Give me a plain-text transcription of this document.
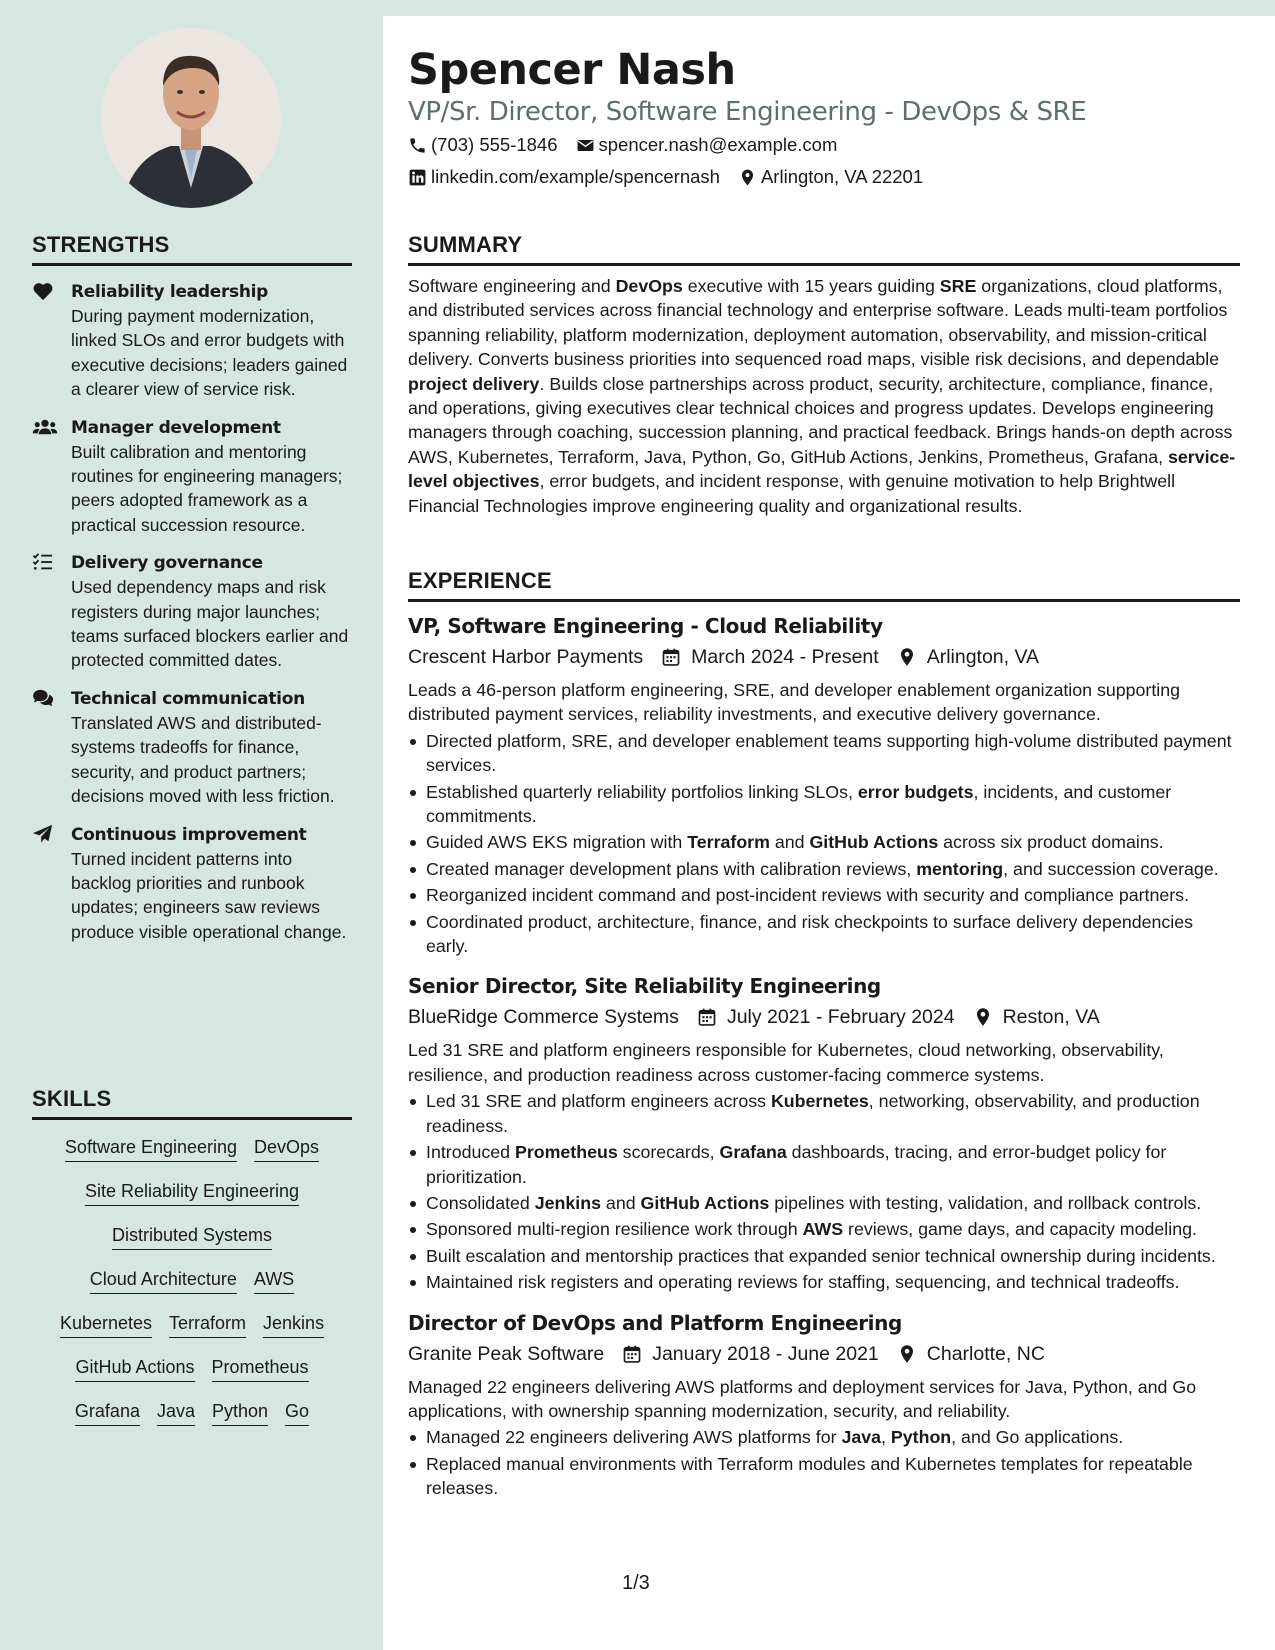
STRENGTHS
Reliability leadership
During payment modernization, linked SLOs and error budgets with executive decisions; leaders gained a clearer view of service risk.
Manager development
Built calibration and mentoring routines for engineering managers; peers adopted framework as a practical succession resource.
Delivery governance
Used dependency maps and risk registers during major launches; teams surfaced blockers earlier and protected committed dates.
Technical communication
Translated AWS and distributed-systems tradeoffs for finance, security, and product partners; decisions moved with less friction.
Continuous improvement
Turned incident patterns into backlog priorities and runbook updates; engineers saw reviews produce visible operational change.
SKILLS
Software Engineering DevOps
Site Reliability Engineering
Distributed Systems
Cloud Architecture AWS
Kubernetes Terraform Jenkins
GitHub Actions Prometheus
Grafana Java Python Go
Spencer Nash
VP/Sr. Director, Software Engineering - DevOps & SRE
(703) 555-1846 spencer.nash@example.com
linkedin.com/example/spencernash Arlington, VA 22201
SUMMARY

Software engineering and DevOps executive with 15 years guiding SRE organizations, cloud platforms, and distributed services across financial technology and enterprise software. Leads multi-team portfolios spanning reliability, platform modernization, deployment automation, observability, and mission-critical delivery. Converts business priorities into sequenced road maps, visible risk decisions, and dependable project delivery. Builds close partnerships across product, security, architecture, compliance, finance, and operations, giving executives clear technical choices and progress updates. Develops engineering managers through coaching, succession planning, and practical feedback. Brings hands-on depth across AWS, Kubernetes, Terraform, Java, Python, Go, GitHub Actions, Jenkins, Prometheus, Grafana, service-level objectives, error budgets, and incident response, with genuine motivation to help Brightwell Financial Technologies improve engineering quality and organizational results.

EXPERIENCE
VP, Software Engineering - Cloud Reliability
Crescent Harbor Payments March 2024 - Present Arlington, VA
Leads a 46-person platform engineering, SRE, and developer enablement organization supporting distributed payment services, reliability investments, and executive delivery governance.
Directed platform, SRE, and developer enablement teams supporting high-volume distributed payment services.
Established quarterly reliability portfolios linking SLOs, error budgets, incidents, and customer commitments.
Guided AWS EKS migration with Terraform and GitHub Actions across six product domains.
Created manager development plans with calibration reviews, mentoring, and succession coverage.
Reorganized incident command and post-incident reviews with security and compliance partners.
Coordinated product, architecture, finance, and risk checkpoints to surface delivery dependencies early.
Senior Director, Site Reliability Engineering
BlueRidge Commerce Systems July 2021 - February 2024 Reston, VA
Led 31 SRE and platform engineers responsible for Kubernetes, cloud networking, observability, resilience, and production readiness across customer-facing commerce systems.
Led 31 SRE and platform engineers across Kubernetes, networking, observability, and production readiness.
Introduced Prometheus scorecards, Grafana dashboards, tracing, and error-budget policy for prioritization.
Consolidated Jenkins and GitHub Actions pipelines with testing, validation, and rollback controls.
Sponsored multi-region resilience work through AWS reviews, game days, and capacity modeling.
Built escalation and mentorship practices that expanded senior technical ownership during incidents.
Maintained risk registers and operating reviews for staffing, sequencing, and technical tradeoffs.
Director of DevOps and Platform Engineering
Granite Peak Software January 2018 - June 2021 Charlotte, NC
Managed 22 engineers delivering AWS platforms and deployment services for Java, Python, and Go applications, with ownership spanning modernization, security, and reliability.
Managed 22 engineers delivering AWS platforms for Java, Python, and Go applications.
Replaced manual environments with Terraform modules and Kubernetes templates for repeatable releases.
1/3
